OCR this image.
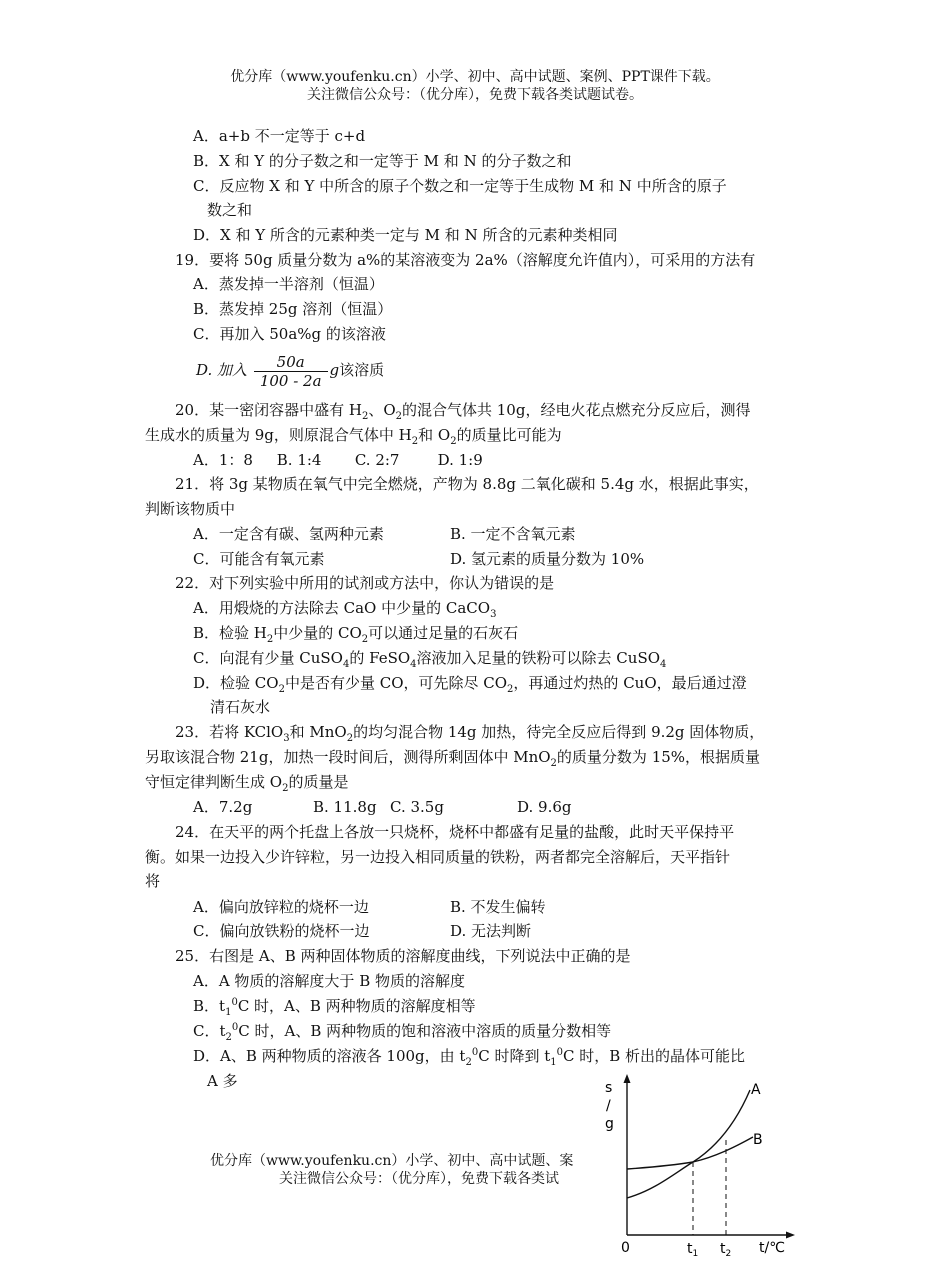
优分库（www.youfenku.cn）小学、初中、高中试题、案例、PPT课件下载。
关注微信公众号：（优分库），免费下载各类试题试卷。
A．a+b 不一定等于 c+d
B．X 和 Y 的分子数之和一定等于 M 和 N 的分子数之和
C．反应物 X 和 Y 中所含的原子个数之和一定等于生成物 M 和 N 中所含的原子
数之和
D．X 和 Y 所含的元素种类一定与 M 和 N 所含的元素种类相同
19．要将 50g 质量分数为 a%的某溶液变为 2a%（溶解度允许值内），可采用的方法有
A．蒸发掉一半溶剂（恒温）
B．蒸发掉 25g 溶剂（恒温）
C．再加入 50a%g 的该溶液
D. 加入 $\frac{50a}{100 - 2a}$ g该溶质
20．某一密闭容器中盛有 $H_2$、$O_2$的混合气体共 10g，经电火花点燃充分反应后，测得
生成水的质量为 9g，则原混合气体中 $H_2$和 $O_2$的质量比可能为
A．1：8     B. 1:4       C. 2:7        D. 1:9
21．将 3g 某物质在氧气中完全燃烧，产物为 8.8g 二氧化碳和 5.4g 水，根据此事实，
判断该物质中
A．一定含有碳、氢两种元素	B. 一定不含氧元素
C．可能含有氧元素	D. 氢元素的质量分数为 10%
22．对下列实验中所用的试剂或方法中，你认为错误的是
A．用煅烧的方法除去 CaO 中少量的 CaCO$_3$
B．检验 $H_2$中少量的 $CO_2$可以通过足量的石灰石
C．向混有少量 CuSO$_4$的 FeSO$_4$溶液加入足量的铁粉可以除去 CuSO$_4$
D．检验 $CO_2$中是否有少量 CO，可先除尽 $CO_2$，再通过灼热的 CuO，最后通过澄
清石灰水
23．若将 KClO$_3$和 MnO$_2$的均匀混合物 14g 加热，待完全反应后得到 9.2g 固体物质，
另取该混合物 21g，加热一段时间后，测得所剩固体中 MnO$_2$的质量分数为 15%，根据质量
守恒定律判断生成 $O_2$的质量是
A．7.2g	B. 11.8g C. 3.5g	D. 9.6g
24．在天平的两个托盘上各放一只烧杯，烧杯中都盛有足量的盐酸，此时天平保持平
衡。如果一边投入少许锌粒，另一边投入相同质量的铁粉，两者都完全溶解后，天平指针
将
A．偏向放锌粒的烧杯一边	B. 不发生偏转
C．偏向放铁粉的烧杯一边	D. 无法判断
25．右图是 A、B 两种固体物质的溶解度曲线，下列说法中正确的是
A．A 物质的溶解度大于 B 物质的溶解度
B．$t_1^0C$ 时，A、B 两种物质的溶解度相等
C．$t_2^0C$ 时，A、B 两种物质的饱和溶液中溶质的质量分数相等
D．A、B 两种物质的溶液各 100g，由 $t_2^0C$ 时降到 $t_1^0C$ 时，B 析出的晶体可能比
A 多
优分库（www.youfenku.cn）小学、初中、高中试题、案
关注微信公众号：（优分库），免费下载各类试
s
/
g
0	$t_1$ $t_2$ t/℃
A
B
